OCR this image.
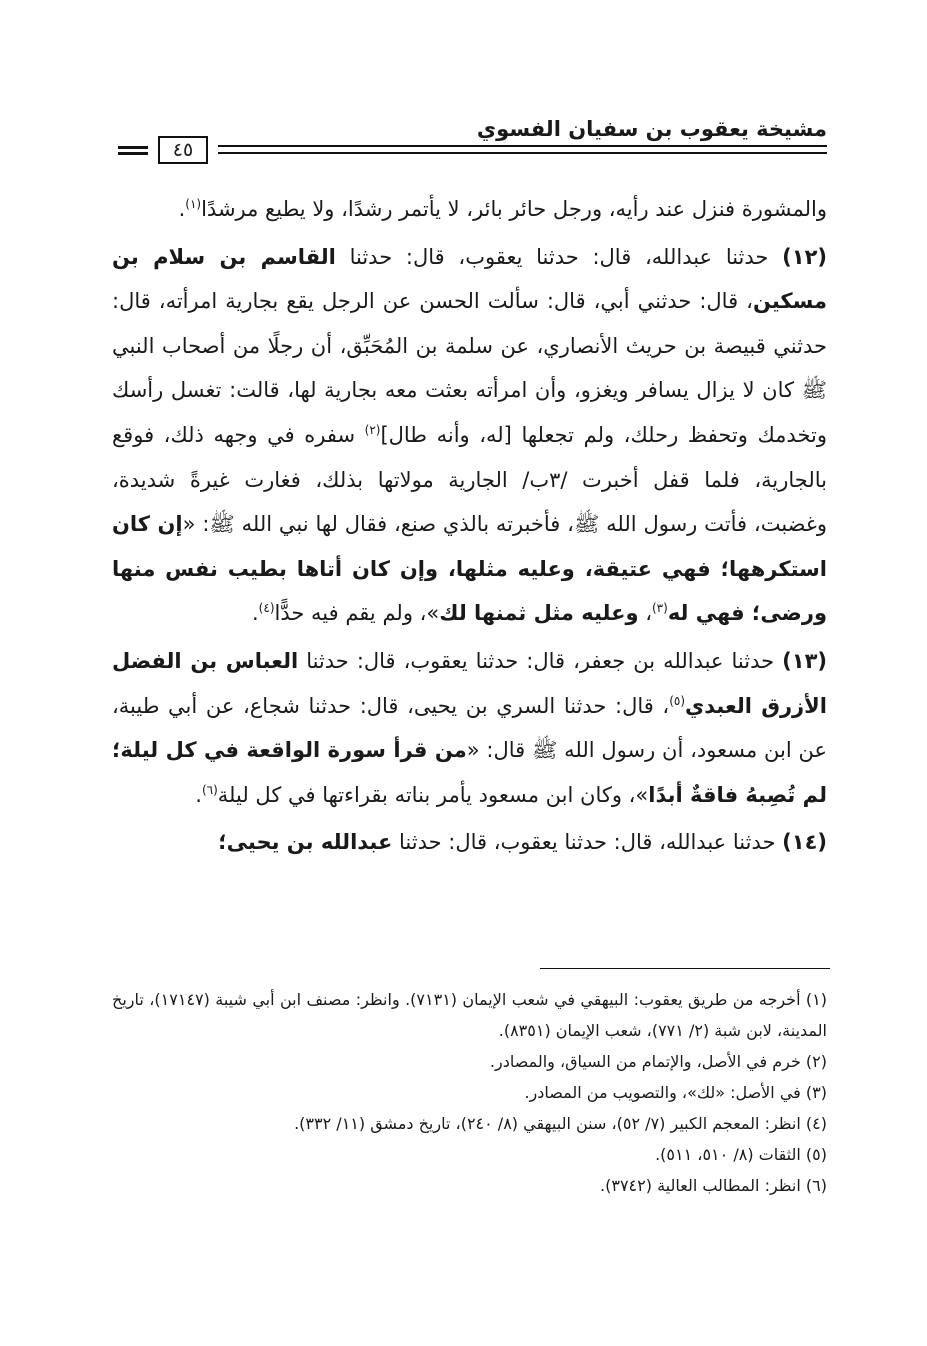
مشيخة يعقوب بن سفيان الفسوي
٤٥

والمشورة فنزل عند رأيه، ورجل حائر بائر، لا يأتمر رشدًا، ولا يطيع مرشدًا$^{(١)}$.

(١٢) حدثنا عبدالله، قال: حدثنا يعقوب، قال: حدثنا القاسم بن سلام بن مسكين، قال: حدثني أبي، قال: سألت الحسن عن الرجل يقع بجارية امرأته، قال: حدثني قبيصة بن حريث الأنصاري، عن سلمة بن المُحَبِّق، أن رجلًا من أصحاب النبي ﷺ كان لا يزال يسافر ويغزو، وأن امرأته بعثت معه بجارية لها، قالت: تغسل رأسك وتخدمك وتحفظ رحلك، ولم تجعلها [له، وأنه طال]$^{(٢)}$ سفره في وجهه ذلك، فوقع بالجارية، فلما قفل أخبرت /٣ب/ الجارية مولاتها بذلك، فغارت غيرةً شديدة، وغضبت، فأتت رسول الله ﷺ، فأخبرته بالذي صنع، فقال لها نبي الله ﷺ: «إن كان استكرهها؛ فهي عتيقة، وعليه مثلها، وإن كان أتاها بطيب نفس منها ورضى؛ فهي له$^{(٣)}$، وعليه مثل ثمنها لك»، ولم يقم فيه حدًّا$^{(٤)}$.

(١٣) حدثنا عبدالله بن جعفر، قال: حدثنا يعقوب، قال: حدثنا العباس بن الفضل الأزرق العبدي$^{(٥)}$، قال: حدثنا السري بن يحيى، قال: حدثنا شجاع، عن أبي طيبة، عن ابن مسعود، أن رسول الله ﷺ قال: «من قرأ سورة الواقعة في كل ليلة؛ لم تُصِبهُ فاقةٌ أبدًا»، وكان ابن مسعود يأمر بناته بقراءتها في كل ليلة$^{(٦)}$.

(١٤) حدثنا عبدالله، قال: حدثنا يعقوب، قال: حدثنا عبدالله بن يحيى؛

(١) أخرجه من طريق يعقوب: البيهقي في شعب الإيمان (٧١٣١). وانظر: مصنف ابن أبي شيبة (١٧١٤٧)، تاريخ المدينة، لابن شبة (٢/ ٧٧١)، شعب الإيمان (٨٣٥١).
(٢) خرم في الأصل، والإتمام من السياق، والمصادر.
(٣) في الأصل: «لك»، والتصويب من المصادر.
(٤) انظر: المعجم الكبير (٧/ ٥٢)، سنن البيهقي (٨/ ٢٤٠)، تاريخ دمشق (١١/ ٣٣٢).
(٥) الثقات (٨/ ٥١٠، ٥١١).
(٦) انظر: المطالب العالية (٣٧٤٢).
